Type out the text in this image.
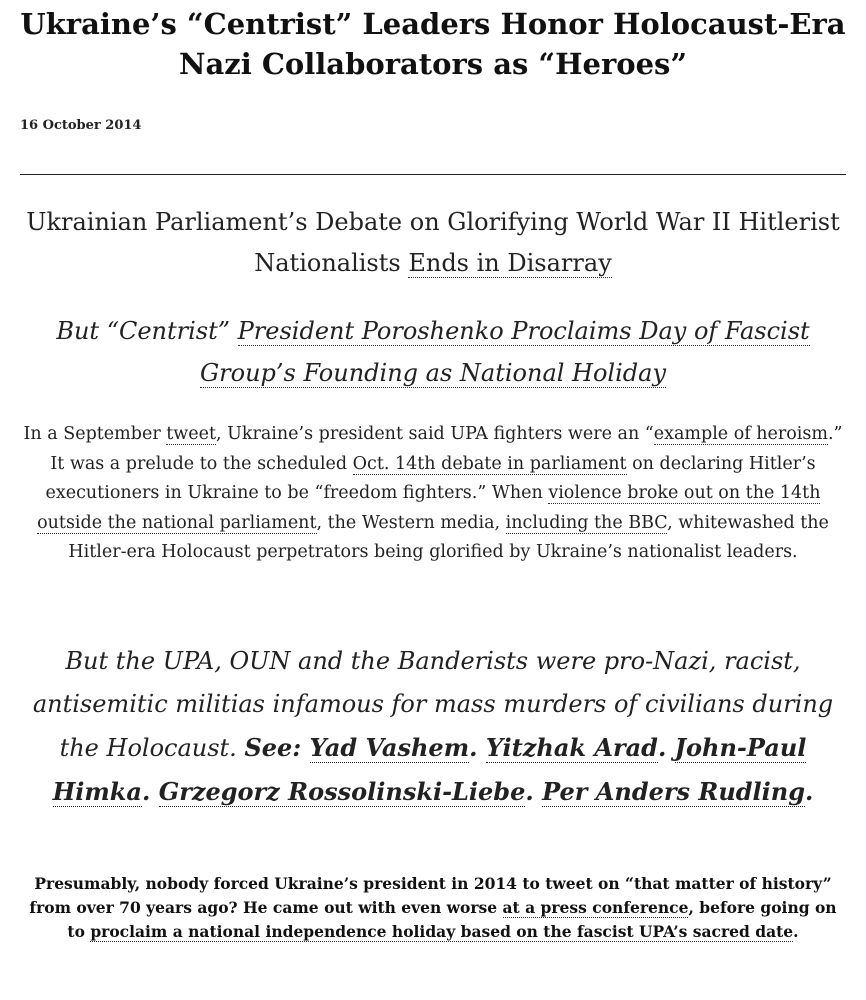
Ukraine’s “Centrist” Leaders Honor Holocaust-Era Nazi Collaborators as “Heroes”
16 October 2014
Ukrainian Parliament’s Debate on Glorifying World War II Hitlerist Nationalists Ends in Disarray
But “Centrist” President Poroshenko Proclaims Day of Fascist Group’s Founding as National Holiday

In a September tweet, Ukraine’s president said UPA fighters were an “example of heroism.” It was a prelude to the scheduled Oct. 14th debate in parliament on declaring Hitler’s executioners in Ukraine to be “freedom fighters.” When violence broke out on the 14th outside the national parliament, the Western media, including the BBC, whitewashed the Hitler-era Holocaust perpetrators being glorified by Ukraine’s nationalist leaders.

But the UPA, OUN and the Banderists were pro-Nazi, racist, antisemitic militias infamous for mass murders of civilians during the Holocaust. See: Yad Vashem. Yitzhak Arad. John-Paul Himka. Grzegorz Rossolinski-Liebe. Per Anders Rudling.

Presumably, nobody forced Ukraine’s president in 2014 to tweet on “that matter of history” from over 70 years ago? He came out with even worse at a press conference, before going on to proclaim a national independence holiday based on the fascist UPA’s sacred date.
